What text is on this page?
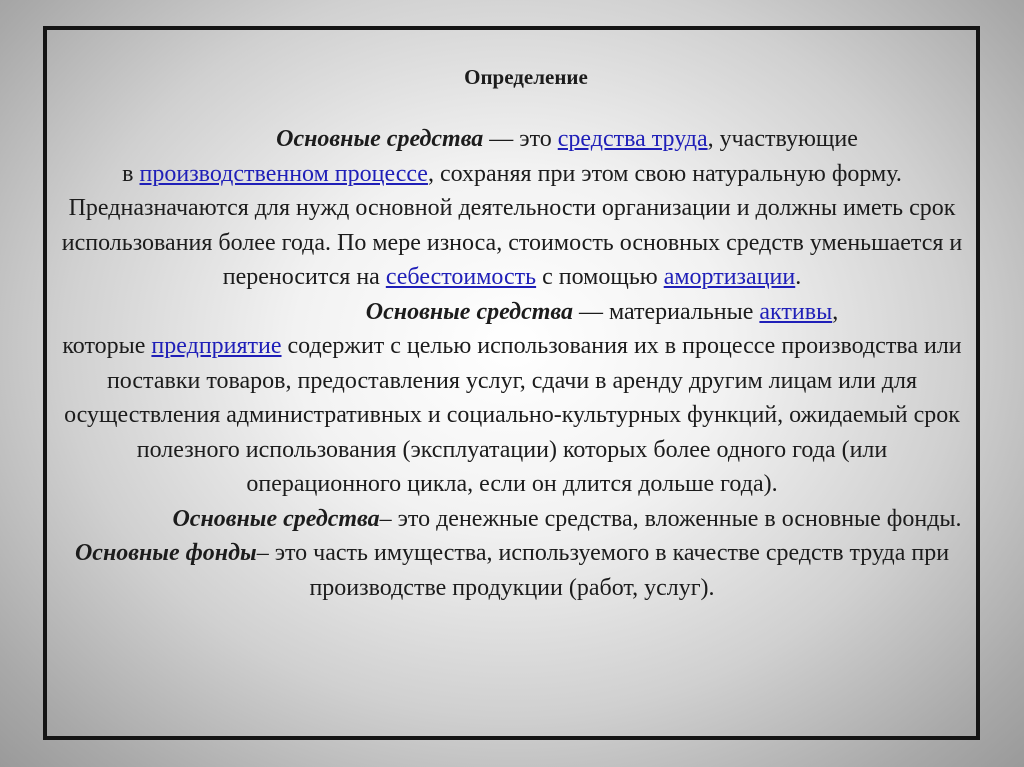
Определение

Основные средства — это средства труда, участвующие
в производственном процессе, сохраняя при этом свою натуральную форму. Предназначаются для нужд основной деятельности организации и должны иметь срок использования более года. По мере износа, стоимость основных средств уменьшается и переносится на себестоимость с помощью амортизации.

Основные средства — материальные активы,
которые предприятие содержит с целью использования их в процессе производства или поставки товаров, предоставления услуг, сдачи в аренду другим лицам или для осуществления административных и социально-культурных функций, ожидаемый срок полезного использования (эксплуатации) которых более одного года (или операционного цикла, если он длится дольше года).

Основные средства– это денежные средства, вложенные в основные фонды. Основные фонды– это часть имущества, используемого в качестве средств труда при производстве продукции (работ, услуг).
